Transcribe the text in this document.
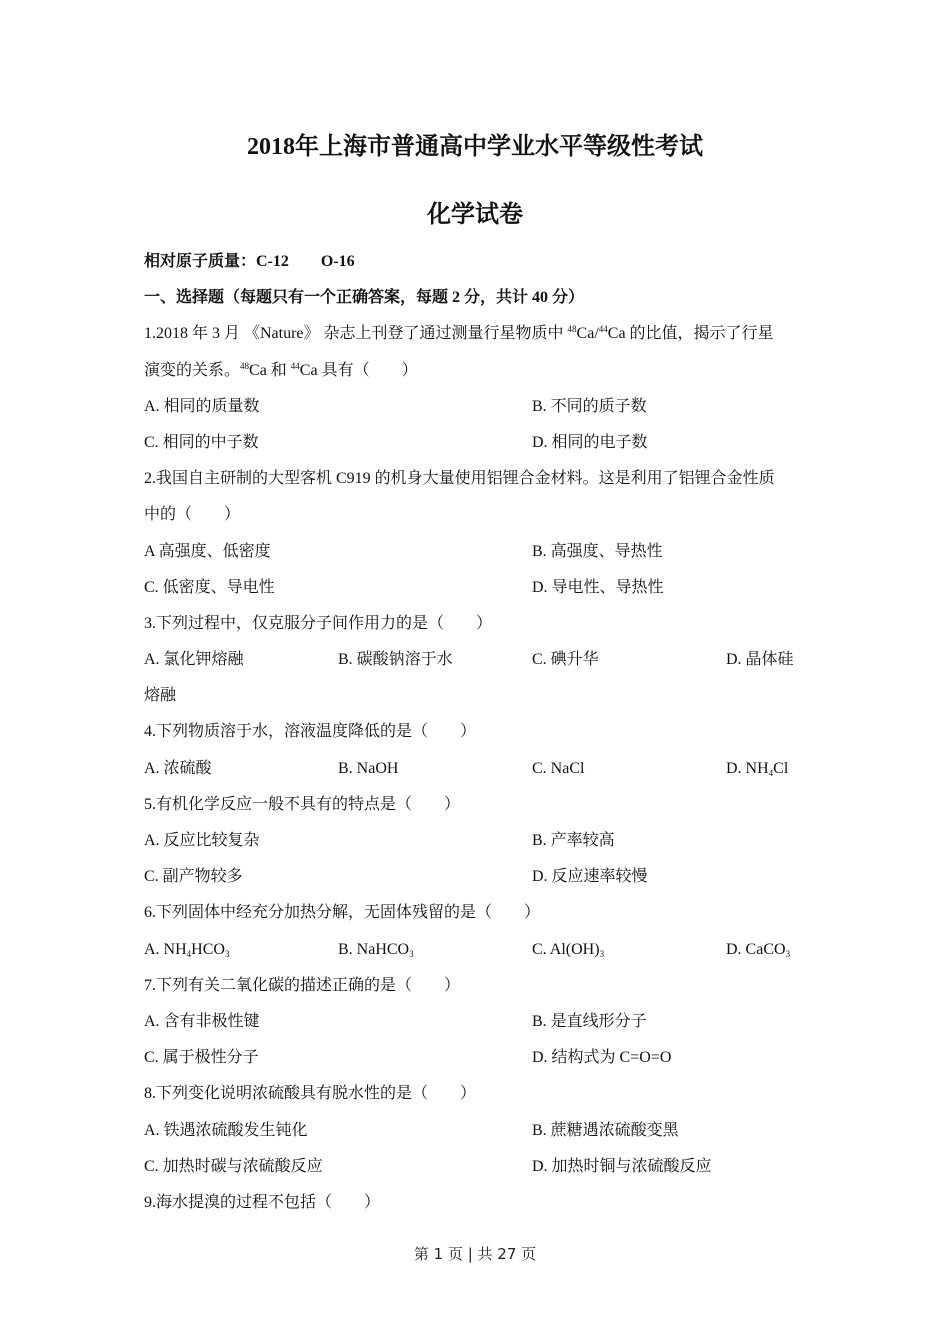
2018年上海市普通高中学业水平等级性考试
化学试卷
相对原子质量：C-12　　O-16
一、选择题（每题只有一个正确答案，每题 2 分，共计 40 分）
1.2018 年 3 月 《Nature》 杂志上刊登了通过测量行星物质中 $^{48}$Ca/$^{44}$Ca 的比值，揭示了行星
演变的关系。$^{48}$Ca 和 $^{44}$Ca 具有（　　）
A. 相同的质量数	B. 不同的质子数
C. 相同的中子数	D. 相同的电子数
2.我国自主研制的大型客机 C919 的机身大量使用铝锂合金材料。这是利用了铝锂合金性质
中的（　　）
A 高强度、低密度	B. 高强度、导热性
C. 低密度、导电性	D. 导电性、导热性
3.下列过程中，仅克服分子间作用力的是（　　）
A. 氯化钾熔融	B. 碳酸钠溶于水	C. 碘升华	D. 晶体硅
熔融
4.下列物质溶于水，溶液温度降低的是（　　）
A. 浓硫酸	B. NaOH	C. NaCl	D. $NH_4Cl$
5.有机化学反应一般不具有的特点是（　　）
A. 反应比较复杂	B. 产率较高
C. 副产物较多	D. 反应速率较慢
6.下列固体中经充分加热分解，无固体残留的是（　　）
A. $NH_4HCO_3$	B. NaHCO$_3$	C. $Al(OH)_3$	D. CaCO$_3$
7.下列有关二氧化碳的描述正确的是（　　）
A. 含有非极性键	B. 是直线形分子
C. 属于极性分子	D. 结构式为 C=O=O
8.下列变化说明浓硫酸具有脱水性的是（　　）
A. 铁遇浓硫酸发生钝化	B. 蔗糖遇浓硫酸变黑
C. 加热时碳与浓硫酸反应	D. 加热时铜与浓硫酸反应
9.海水提溴的过程不包括（　　）
第 1 页 | 共 27 页
